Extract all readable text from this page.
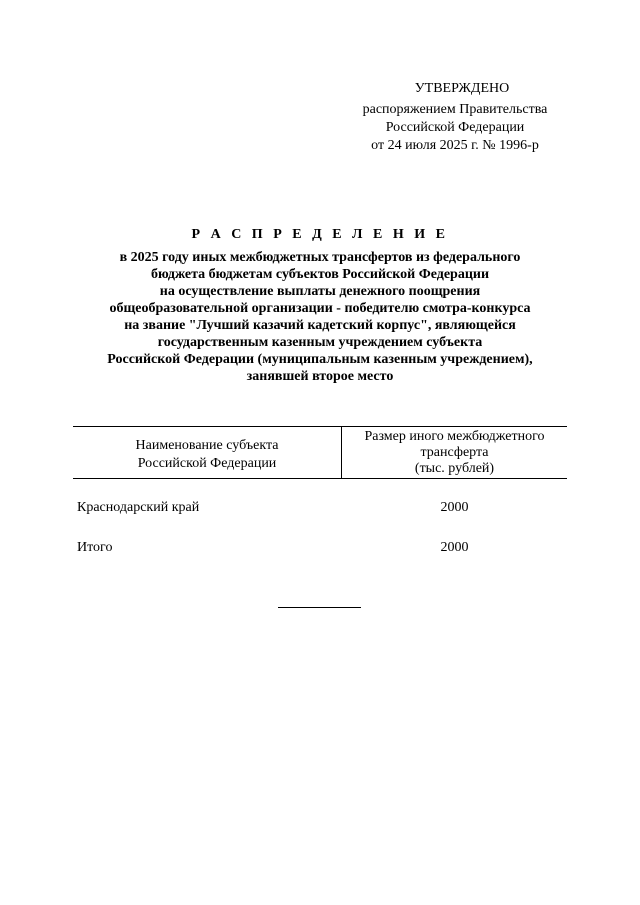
УТВЕРЖДЕНО
распоряжением Правительства
Российской Федерации
от 24 июля 2025 г. № 1996-р
Р А С П Р Е Д Е Л Е Н И Е
в 2025 году иных межбюджетных трансфертов из федерального
бюджета бюджетам субъектов Российской Федерации
на осуществление выплаты денежного поощрения
общеобразовательной организации - победителю смотра-конкурса
на звание "Лучший казачий кадетский корпус", являющейся
государственным казенным учреждением субъекта
Российской Федерации (муниципальным казенным учреждением),
занявшей второе место
Наименование субъекта
Российской Федерации
Размер иного межбюджетного
трансферта
(тыс. рублей)
Краснодарский край	2000
Итого	2000
